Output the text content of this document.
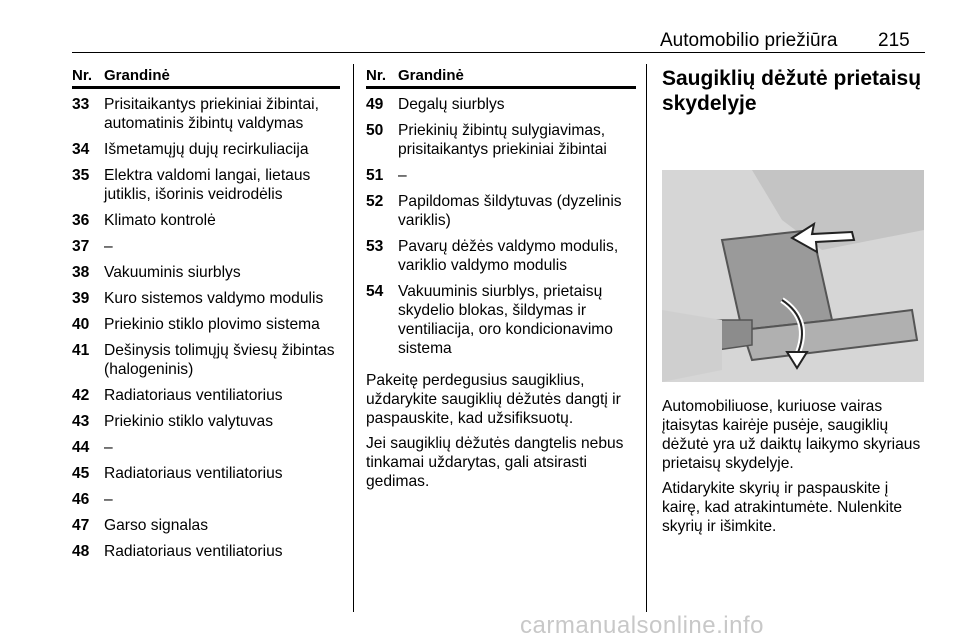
Automobilio priežiūra 215
Nr. Grandinė
33 Prisitaikantys priekiniai žibintai, automatinis žibintų valdymas
34 Išmetamųjų dujų recirkuliacija
35 Elektra valdomi langai, lietaus jutiklis, išorinis veidrodėlis
36 Klimato kontrolė
37 –
38 Vakuuminis siurblys
39 Kuro sistemos valdymo modulis
40 Priekinio stiklo plovimo sistema
41 Dešinysis tolimųjų šviesų žibintas (halogeninis)
42 Radiatoriaus ventiliatorius
43 Priekinio stiklo valytuvas
44 –
45 Radiatoriaus ventiliatorius
46 –
47 Garso signalas
48 Radiatoriaus ventiliatorius
Nr. Grandinė
49 Degalų siurblys
50 Priekinių žibintų sulygiavimas, prisitaikantys priekiniai žibintai
51 –
52 Papildomas šildytuvas (dyzelinis variklis)
53 Pavarų dėžės valdymo modulis, variklio valdymo modulis
54 Vakuuminis siurblys, prietaisų skydelio blokas, šildymas ir ventiliacija, oro kondicionavimo sistema

Pakeitę perdegusius saugiklius, uždarykite saugiklių dėžutės dangtį ir paspauskite, kad užsifiksuotų.

Jei saugiklių dėžutės dangtelis nebus tinkamai uždarytas, gali atsirasti gedimas.

Saugiklių dėžutė prietaisų skydelyje

Automobiliuose, kuriuose vairas įtaisytas kairėje pusėje, saugiklių dėžutė yra už daiktų laikymo skyriaus prietaisų skydelyje.

Atidarykite skyrių ir paspauskite į kairę, kad atrakintumėte. Nulenkite skyrių ir išimkite.

carmanualsonline.info
